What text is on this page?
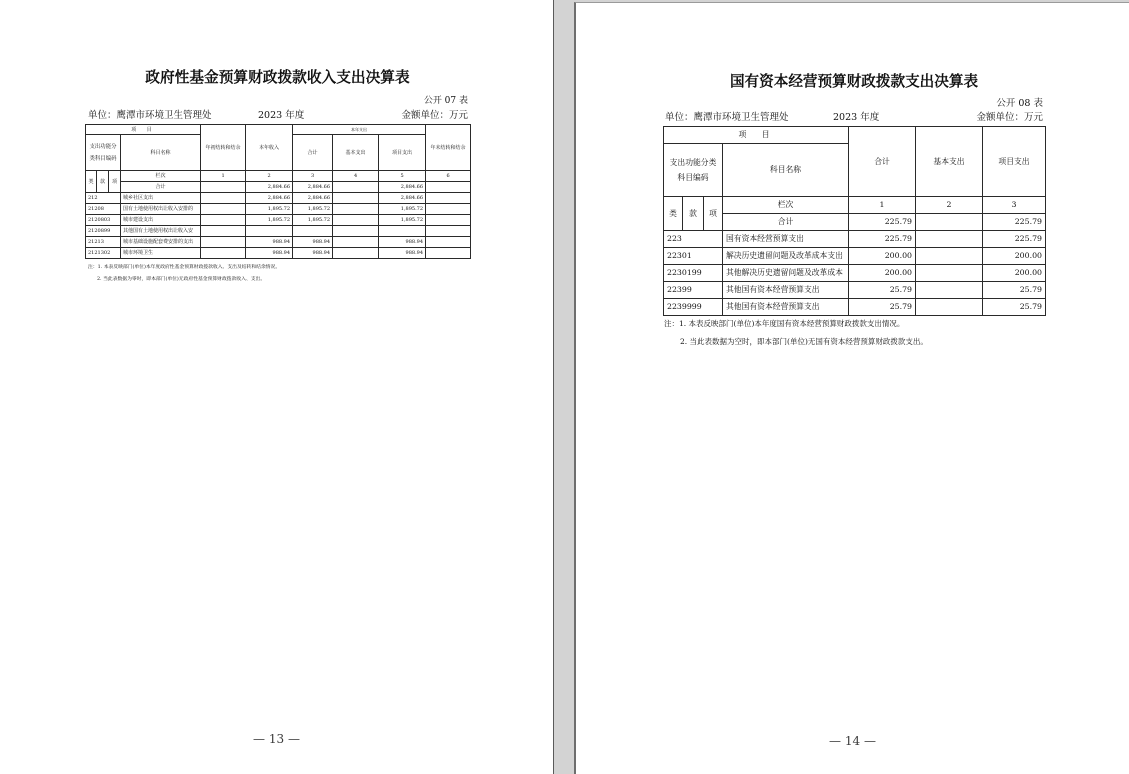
政府性基金预算财政拨款收入支出决算表
公开 07 表
单位：鹰潭市环境卫生管理处	2023 年度	金额单位：万元
项 目				年初结转和结余	本年收入	本年支出			年末结转和结余
支出功能分类科目编码			科目名称			合计	基本支出	项目支出	
类	款	项	栏次	1	2	3	4	5	6
			合计		2,884.66	2,884.66		2,884.66	
212			城乡社区支出		2,884.66	2,884.66		2,884.66	
21208			国有土地使用权出让收入安排的		1,895.72	1,895.72		1,895.72	
2120803			城市建设支出		1,895.72	1,895.72		1,895.72	
2120899			其他国有土地使用权出让收入安						
21213			城市基础设施配套费安排的支出		988.94	988.94		988.94	
2121302			城市环境卫生		988.94	988.94		988.94	
注：1. 本表反映部门(单位)本年度政府性基金预算财政拨款收入、支出及结转和结余情况。
2. 当此表数据为零时，即本部门(单位)无政府性基金预算财政拨款收入、支出。
— 13 —
国有资本经营预算财政拨款支出决算表
公开 08 表
单位：鹰潭市环境卫生管理处	2023 年度	金额单位：万元
项 目				合计	基本支出	项目支出
支出功能分类科目编码			科目名称			
类	款	项	栏次	1	2	3
			合计	225.79		225.79
223			国有资本经营预算支出	225.79		225.79
22301			解决历史遗留问题及改革成本支出	200.00		200.00
2230199			其他解决历史遗留问题及改革成本	200.00		200.00
22399			其他国有资本经营预算支出	25.79		25.79
2239999			其他国有资本经营预算支出	25.79		25.79
注：1. 本表反映部门(单位)本年度国有资本经营预算财政拨款支出情况。
2. 当此表数据为空时，即本部门(单位)无国有资本经营预算财政拨款支出。
— 14 —
